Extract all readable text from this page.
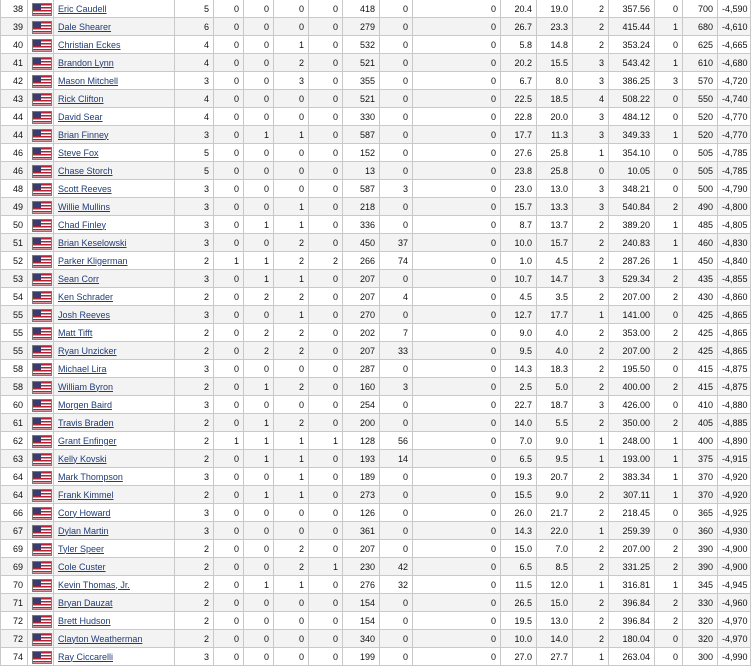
38		Eric Caudell	5	0	0	0	0	418	0	0	20.4	19.0	2	357.56	0	700	-4,590
39		Dale Shearer	6	0	0	0	0	279	0	0	26.7	23.3	2	415.44	1	680	-4,610
40		Christian Eckes	4	0	0	1	0	532	0	0	5.8	14.8	2	353.24	0	625	-4,665
41		Brandon Lynn	4	0	0	2	0	521	0	0	20.2	15.5	3	543.42	1	610	-4,680
42		Mason Mitchell	3	0	0	3	0	355	0	0	6.7	8.0	3	386.25	3	570	-4,720
43		Rick Clifton	4	0	0	0	0	521	0	0	22.5	18.5	4	508.22	0	550	-4,740
44		David Sear	4	0	0	0	0	330	0	0	22.8	20.0	3	484.12	0	520	-4,770
44		Brian Finney	3	0	1	1	0	587	0	0	17.7	11.3	3	349.33	1	520	-4,770
46		Steve Fox	5	0	0	0	0	152	0	0	27.6	25.8	1	354.10	0	505	-4,785
46		Chase Storch	5	0	0	0	0	13	0	0	23.8	25.8	0	10.05	0	505	-4,785
48		Scott Reeves	3	0	0	0	0	587	3	0	23.0	13.0	3	348.21	0	500	-4,790
49		Willie Mullins	3	0	0	1	0	218	0	0	15.7	13.3	3	540.84	2	490	-4,800
50		Chad Finley	3	0	1	1	0	336	0	0	8.7	13.7	2	389.20	1	485	-4,805
51		Brian Keselowski	3	0	0	2	0	450	37	0	10.0	15.7	2	240.83	1	460	-4,830
52		Parker Kligerman	2	1	1	2	2	266	74	0	1.0	4.5	2	287.26	1	450	-4,840
53		Sean Corr	3	0	1	1	0	207	0	0	10.7	14.7	3	529.34	2	435	-4,855
54		Ken Schrader	2	0	2	2	0	207	4	0	4.5	3.5	2	207.00	2	430	-4,860
55		Josh Reeves	3	0	0	1	0	270	0	0	12.7	17.7	1	141.00	0	425	-4,865
55		Matt Tifft	2	0	2	2	0	202	7	0	9.0	4.0	2	353.00	2	425	-4,865
55		Ryan Unzicker	2	0	2	2	0	207	33	0	9.5	4.0	2	207.00	2	425	-4,865
58		Michael Lira	3	0	0	0	0	287	0	0	14.3	18.3	2	195.50	0	415	-4,875
58		William Byron	2	0	1	2	0	160	3	0	2.5	5.0	2	400.00	2	415	-4,875
60		Morgen Baird	3	0	0	0	0	254	0	0	22.7	18.7	3	426.00	0	410	-4,880
61		Travis Braden	2	0	1	2	0	200	0	0	14.0	5.5	2	350.00	2	405	-4,885
62		Grant Enfinger	2	1	1	1	1	128	56	0	7.0	9.0	1	248.00	1	400	-4,890
63		Kelly Kovski	2	0	1	1	0	193	14	0	6.5	9.5	1	193.00	1	375	-4,915
64		Mark Thompson	3	0	0	1	0	189	0	0	19.3	20.7	2	383.34	1	370	-4,920
64		Frank Kimmel	2	0	1	1	0	273	0	0	15.5	9.0	2	307.11	1	370	-4,920
66		Cory Howard	3	0	0	0	0	126	0	0	26.0	21.7	2	218.45	0	365	-4,925
67		Dylan Martin	3	0	0	0	0	361	0	0	14.3	22.0	1	259.39	0	360	-4,930
69		Tyler Speer	2	0	0	2	0	207	0	0	15.0	7.0	2	207.00	2	390	-4,900
69		Cole Custer	2	0	0	2	1	230	42	0	6.5	8.5	2	331.25	2	390	-4,900
70		Kevin Thomas, Jr.	2	0	1	1	0	276	32	0	11.5	12.0	1	316.81	1	345	-4,945
71		Bryan Dauzat	2	0	0	0	0	154	0	0	26.5	15.0	2	396.84	2	330	-4,960
72		Brett Hudson	2	0	0	0	0	154	0	0	19.5	13.0	2	396.84	2	320	-4,970
72		Clayton Weatherman	2	0	0	0	0	340	0	0	10.0	14.0	2	180.04	0	320	-4,970
74		Ray Ciccarelli	3	0	0	0	0	199	0	0	27.0	27.7	1	263.04	0	300	-4,990
